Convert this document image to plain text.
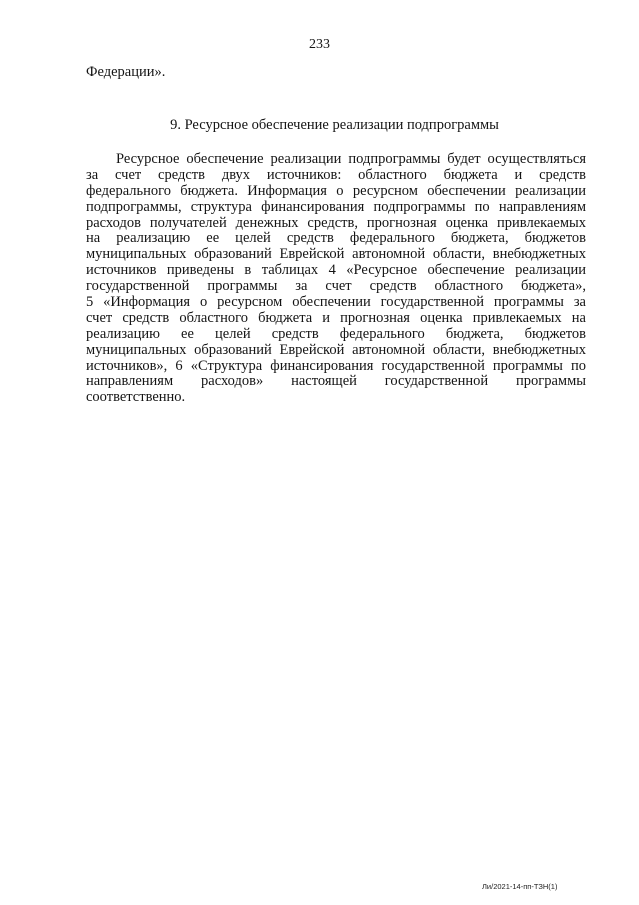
233
Федерации».
9. Ресурсное обеспечение реализации подпрограммы
Ресурсное обеспечение реализации подпрограммы будет осуществляться
за счет средств двух источников: областного бюджета и средств
федерального бюджета. Информация о ресурсном обеспечении реализации
подпрограммы, структура финансирования подпрограммы по направлениям
расходов получателей денежных средств, прогнозная оценка привлекаемых
на реализацию ее целей средств федерального бюджета, бюджетов
муниципальных образований Еврейской автономной области, внебюджетных
источников приведены в таблицах 4 «Ресурсное обеспечение реализации
государственной программы за счет средств областного бюджета»,
5 «Информация о ресурсном обеспечении государственной программы за
счет средств областного бюджета и прогнозная оценка привлекаемых на
реализацию ее целей средств федерального бюджета, бюджетов
муниципальных образований Еврейской автономной области, внебюджетных
источников», 6 «Структура финансирования государственной программы по
направлениям расходов» настоящей государственной программы
соответственно.
Ли/2021-14-пп-ТЗН(1)
